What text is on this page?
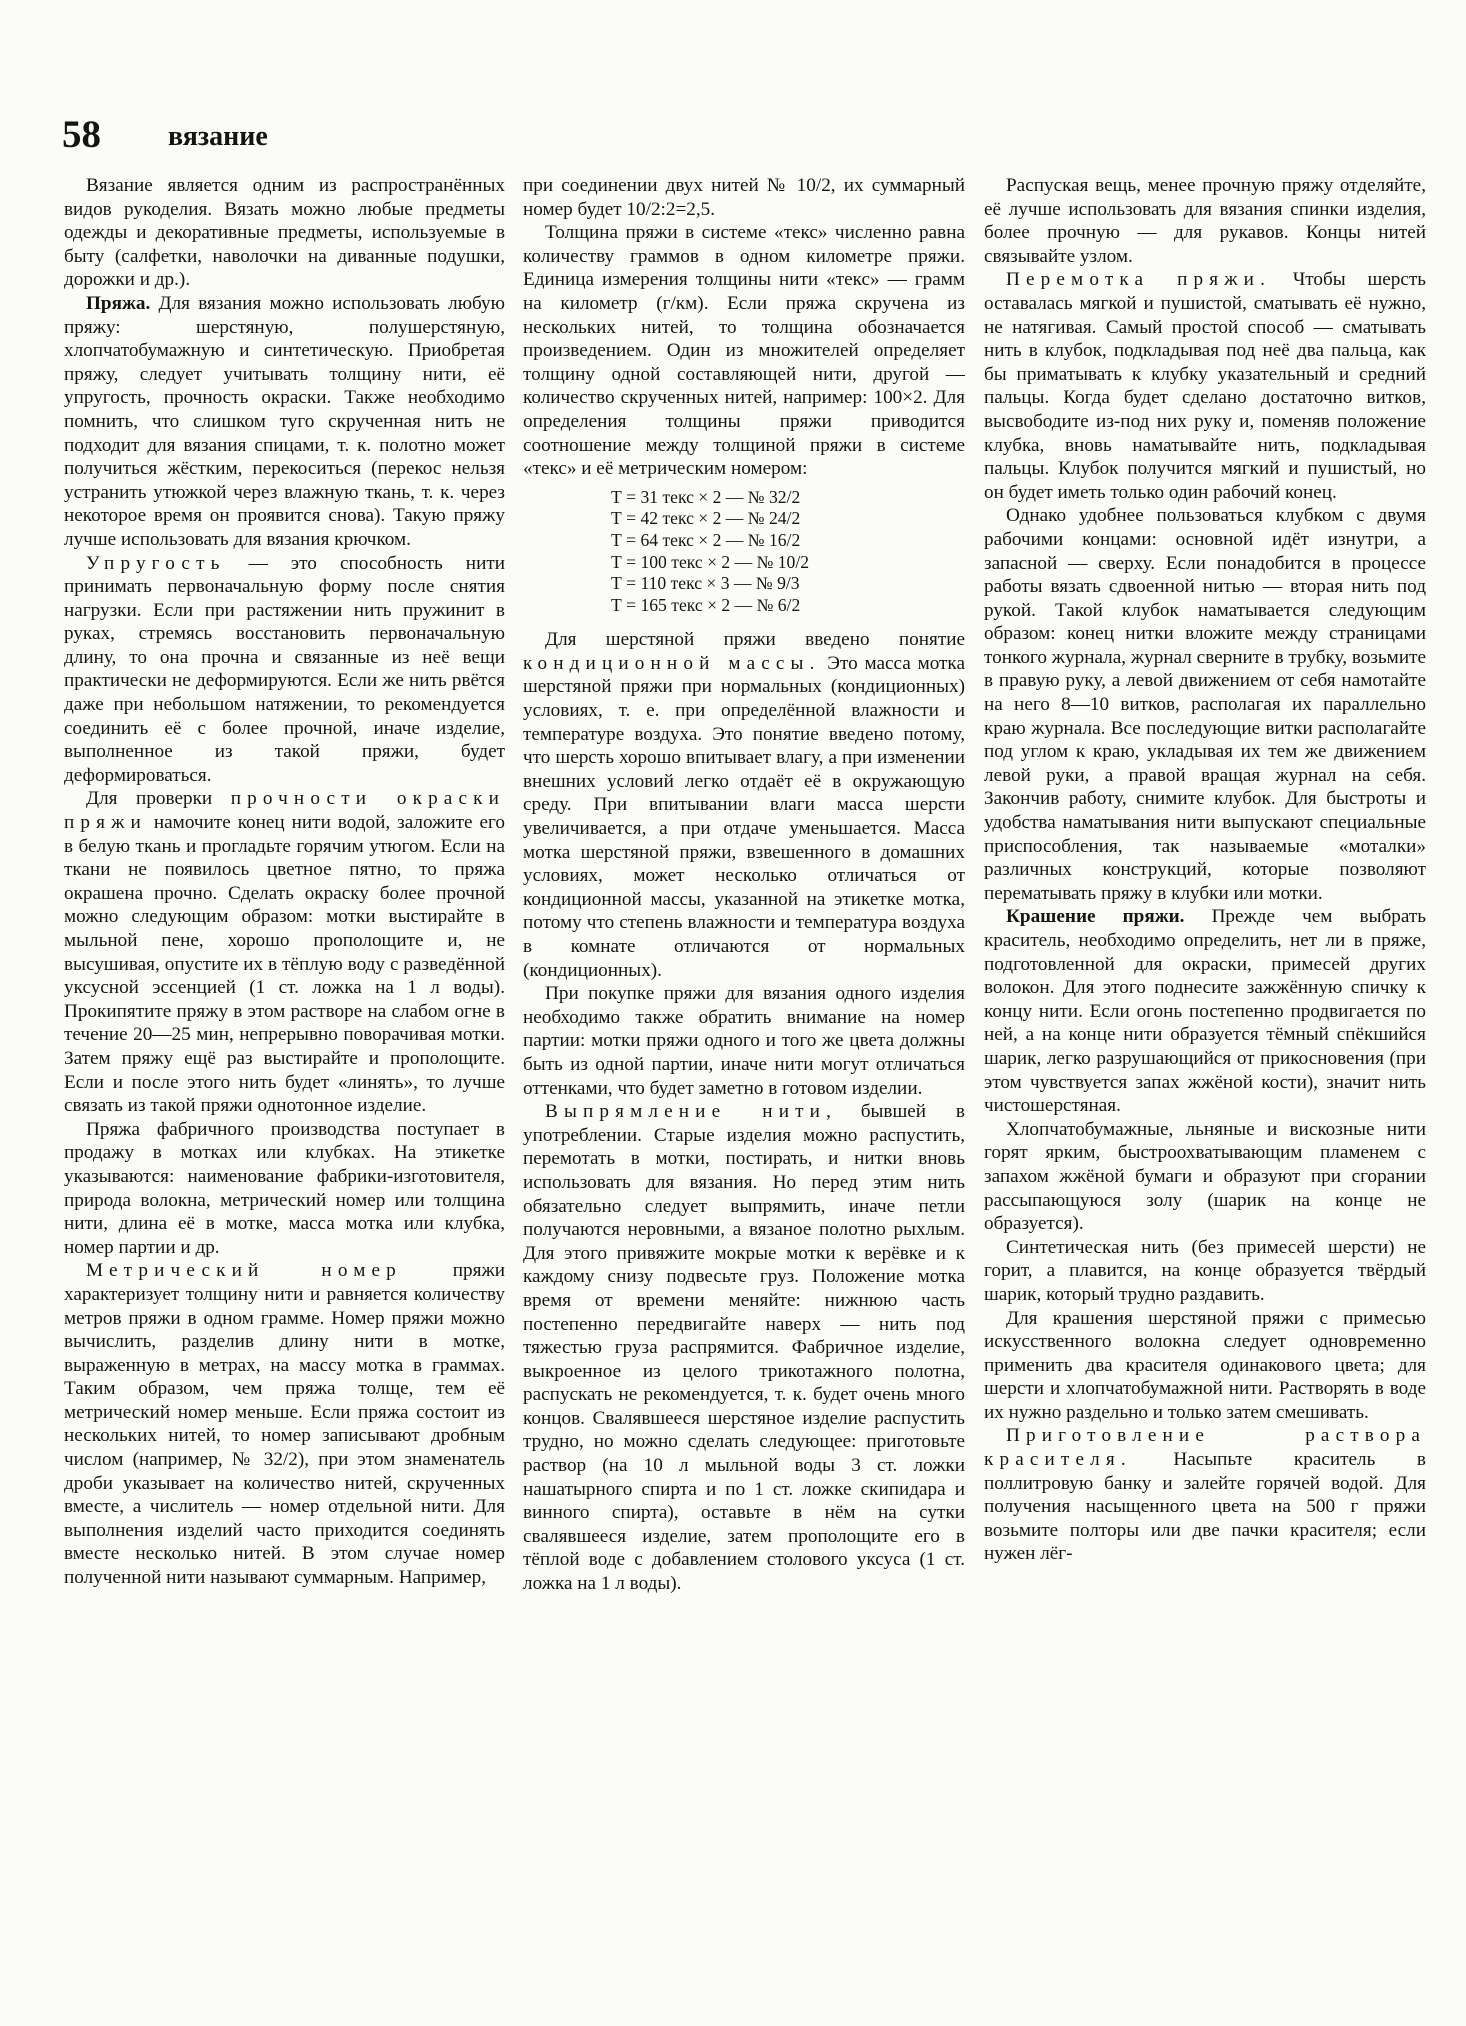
58 вязание

Вязание является одним из распространённых видов рукоделия. Вязать можно любые предметы одежды и декоративные предметы, используемые в быту (салфетки, наволочки на диванные подушки, дорожки и др.).

Пряжа. Для вязания можно использовать любую пряжу: шерстяную, полушерстяную, хлопчатобумажную и синтетическую. Приобретая пряжу, следует учитывать толщину нити, её упругость, прочность окраски. Также необходимо помнить, что слишком туго скрученная нить не подходит для вязания спицами, т. к. полотно может получиться жёстким, перекоситься (перекос нельзя устранить утюжкой через влажную ткань, т. к. через некоторое время он проявится снова). Такую пряжу лучше использовать для вязания крючком.

Упругость — это способность нити принимать первоначальную форму после снятия нагрузки. Если при растяжении нить пружинит в руках, стремясь восстановить первоначальную длину, то она прочна и связанные из неё вещи практически не деформируются. Если же нить рвётся даже при небольшом натяжении, то рекомендуется соединить её с более прочной, иначе изделие, выполненное из такой пряжи, будет деформироваться.

Для проверки прочности окраски пряжи намочите конец нити водой, заложите его в белую ткань и прогладьте горячим утюгом. Если на ткани не появилось цветное пятно, то пряжа окрашена прочно. Сделать окраску более прочной можно следующим образом: мотки выстирайте в мыльной пене, хорошо прополощите и, не высушивая, опустите их в тёплую воду с разведённой уксусной эссенцией (1 ст. ложка на 1 л воды). Прокипятите пряжу в этом растворе на слабом огне в течение 20—25 мин, непрерывно поворачивая мотки. Затем пряжу ещё раз выстирайте и прополощите. Если и после этого нить будет «линять», то лучше связать из такой пряжи однотонное изделие.

Пряжа фабричного производства поступает в продажу в мотках или клубках. На этикетке указываются: наименование фабрики-изготовителя, природа волокна, метрический номер или толщина нити, длина её в мотке, масса мотка или клубка, номер партии и др.

Метрический номер пряжи характеризует толщину нити и равняется количеству метров пряжи в одном грамме. Номер пряжи можно вычислить, разделив длину нити в мотке, выраженную в метрах, на массу мотка в граммах. Таким образом, чем пряжа толще, тем её метрический номер меньше. Если пряжа состоит из нескольких нитей, то номер записывают дробным числом (например, № 32/2), при этом знаменатель дроби указывает на количество нитей, скрученных вместе, а числитель — номер отдельной нити. Для выполнения изделий часто приходится соединять вместе несколько нитей. В этом случае номер полученной нити называют суммарным. Например,

при соединении двух нитей № 10/2, их суммарный номер будет 10/2:2=2,5.

Толщина пряжи в системе «текс» численно равна количеству граммов в одном километре пряжи. Единица измерения толщины нити «текс» — грамм на километр (г/км). Если пряжа скручена из нескольких нитей, то толщина обозначается произведением. Один из множителей определяет толщину одной составляющей нити, другой — количество скрученных нитей, например: 100×2. Для определения толщины пряжи приводится соотношение между толщиной пряжи в системе «текс» и её метрическим номером:

Т = 31 текс × 2 — № 32/2
Т = 42 текс × 2 — № 24/2
Т = 64 текс × 2 — № 16/2
Т = 100 текс × 2 — № 10/2
Т = 110 текс × 3 — № 9/3
Т = 165 текс × 2 — № 6/2

Для шерстяной пряжи введено понятие кондиционной массы. Это масса мотка шерстяной пряжи при нормальных (кондиционных) условиях, т. е. при определённой влажности и температуре воздуха. Это понятие введено потому, что шерсть хорошо впитывает влагу, а при изменении внешних условий легко отдаёт её в окружающую среду. При впитывании влаги масса шерсти увеличивается, а при отдаче уменьшается. Масса мотка шерстяной пряжи, взвешенного в домашних условиях, может несколько отличаться от кондиционной массы, указанной на этикетке мотка, потому что степень влажности и температура воздуха в комнате отличаются от нормальных (кондиционных).

При покупке пряжи для вязания одного изделия необходимо также обратить внимание на номер партии: мотки пряжи одного и того же цвета должны быть из одной партии, иначе нити могут отличаться оттенками, что будет заметно в готовом изделии.

Выпрямление нити, бывшей в употреблении. Старые изделия можно распустить, перемотать в мотки, постирать, и нитки вновь использовать для вязания. Но перед этим нить обязательно следует выпрямить, иначе петли получаются неровными, а вязаное полотно рыхлым. Для этого привяжите мокрые мотки к верёвке и к каждому снизу подвесьте груз. Положение мотка время от времени меняйте: нижнюю часть постепенно передвигайте наверх — нить под тяжестью груза распрямится. Фабричное изделие, выкроенное из целого трикотажного полотна, распускать не рекомендуется, т. к. будет очень много концов. Свалявшееся шерстяное изделие распустить трудно, но можно сделать следующее: приготовьте раствор (на 10 л мыльной воды 3 ст. ложки нашатырного спирта и по 1 ст. ложке скипидара и винного спирта), оставьте в нём на сутки свалявшееся изделие, затем прополощите его в тёплой воде с добавлением столового уксуса (1 ст. ложка на 1 л воды).

Распуская вещь, менее прочную пряжу отделяйте, её лучше использовать для вязания спинки изделия, более прочную — для рукавов. Концы нитей связывайте узлом.

Перемотка пряжи. Чтобы шерсть оставалась мягкой и пушистой, сматывать её нужно, не натягивая. Самый простой способ — сматывать нить в клубок, подкладывая под неё два пальца, как бы приматывать к клубку указательный и средний пальцы. Когда будет сделано достаточно витков, высвободите из-под них руку и, поменяв положение клубка, вновь наматывайте нить, подкладывая пальцы. Клубок получится мягкий и пушистый, но он будет иметь только один рабочий конец.

Однако удобнее пользоваться клубком с двумя рабочими концами: основной идёт изнутри, а запасной — сверху. Если понадобится в процессе работы вязать сдвоенной нитью — вторая нить под рукой. Такой клубок наматывается следующим образом: конец нитки вложите между страницами тонкого журнала, журнал сверните в трубку, возьмите в правую руку, а левой движением от себя намотайте на него 8—10 витков, располагая их параллельно краю журнала. Все последующие витки располагайте под углом к краю, укладывая их тем же движением левой руки, а правой вращая журнал на себя. Закончив работу, снимите клубок. Для быстроты и удобства наматывания нити выпускают специальные приспособления, так называемые «моталки» различных конструкций, которые позволяют перематывать пряжу в клубки или мотки.

Крашение пряжи. Прежде чем выбрать краситель, необходимо определить, нет ли в пряже, подготовленной для окраски, примесей других волокон. Для этого поднесите зажжённую спичку к концу нити. Если огонь постепенно продвигается по ней, а на конце нити образуется тёмный спёкшийся шарик, легко разрушающийся от прикосновения (при этом чувствуется запах жжёной кости), значит нить чистошерстяная.

Хлопчатобумажные, льняные и вискозные нити горят ярким, быстроохватывающим пламенем с запахом жжёной бумаги и образуют при сгорании рассыпающуюся золу (шарик на конце не образуется).

Синтетическая нить (без примесей шерсти) не горит, а плавится, на конце образуется твёрдый шарик, который трудно раздавить.

Для крашения шерстяной пряжи с примесью искусственного волокна следует одновременно применить два красителя одинакового цвета; для шерсти и хлопчатобумажной нити. Растворять в воде их нужно раздельно и только затем смешивать.

Приготовление раствора красителя. Насыпьте краситель в поллитровую банку и залейте горячей водой. Для получения насыщенного цвета на 500 г пряжи возьмите полторы или две пачки красителя; если нужен лёг-
